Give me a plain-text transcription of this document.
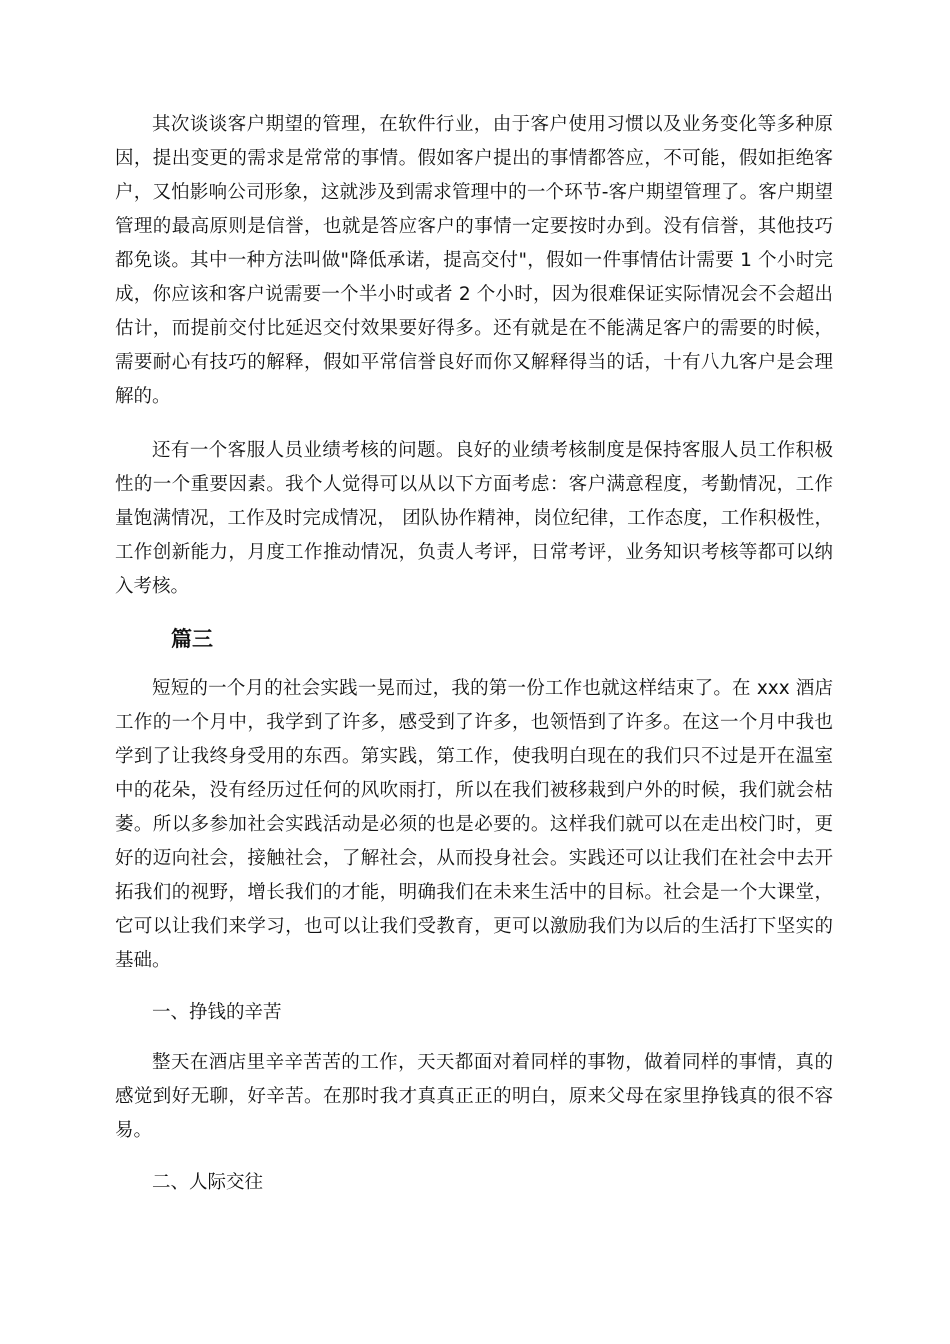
其次谈谈客户期望的管理，在软件行业，由于客户使用习惯以及业务变化等多种原因，提出变更的需求是常常的事情。假如客户提出的事情都答应，不可能，假如拒绝客户，又怕影响公司形象，这就涉及到需求管理中的一个环节-客户期望管理了。客户期望管理的最高原则是信誉，也就是答应客户的事情一定要按时办到。没有信誉，其他技巧都免谈。其中一种方法叫做"降低承诺，提高交付"，假如一件事情估计需要 1 个小时完成，你应该和客户说需要一个半小时或者 2 个小时，因为很难保证实际情况会不会超出估计，而提前交付比延迟交付效果要好得多。还有就是在不能满足客户的需要的时候，需要耐心有技巧的解释，假如平常信誉良好而你又解释得当的话，十有八九客户是会理解的。

还有一个客服人员业绩考核的问题。良好的业绩考核制度是保持客服人员工作积极性的一个重要因素。我个人觉得可以从以下方面考虑：客户满意程度，考勤情况，工作量饱满情况，工作及时完成情况， 团队协作精神，岗位纪律，工作态度，工作积极性，工作创新能力，月度工作推动情况，负责人考评，日常考评，业务知识考核等都可以纳入考核。

篇三

短短的一个月的社会实践一晃而过，我的第一份工作也就这样结束了。在 xxx 酒店工作的一个月中，我学到了许多，感受到了许多，也领悟到了许多。在这一个月中我也学到了让我终身受用的东西。第实践，第工作，使我明白现在的我们只不过是开在温室中的花朵，没有经历过任何的风吹雨打，所以在我们被移栽到户外的时候，我们就会枯萎。所以多参加社会实践活动是必须的也是必要的。这样我们就可以在走出校门时，更好的迈向社会，接触社会，了解社会，从而投身社会。实践还可以让我们在社会中去开拓我们的视野，增长我们的才能，明确我们在未来生活中的目标。社会是一个大课堂，它可以让我们来学习，也可以让我们受教育，更可以激励我们为以后的生活打下坚实的基础。

一、挣钱的辛苦

整天在酒店里辛辛苦苦的工作，天天都面对着同样的事物，做着同样的事情，真的感觉到好无聊，好辛苦。在那时我才真真正正的明白，原来父母在家里挣钱真的很不容易。

二、人际交往
